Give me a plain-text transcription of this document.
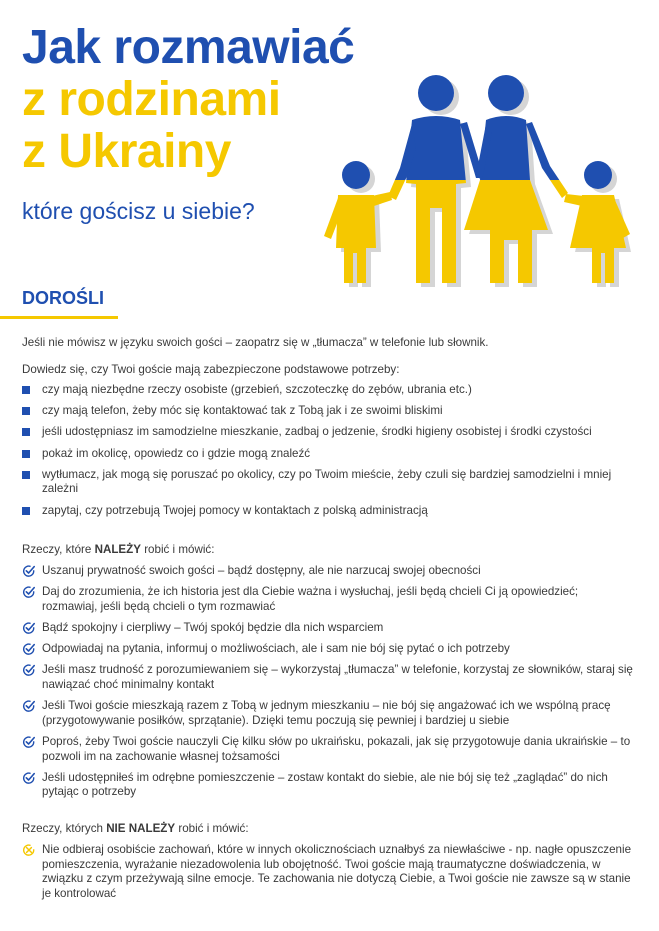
Jak rozmawiać
z rodzinami
z Ukrainy
które gościsz u siebie?
DOROŚLI
Jeśli nie mówisz w języku swoich gości – zaopatrz się w „tłumacza” w telefonie lub słownik.
Dowiedz się, czy Twoi goście mają zabezpieczone podstawowe potrzeby:
czy mają niezbędne rzeczy osobiste (grzebień, szczoteczkę do zębów, ubrania etc.)
czy mają telefon, żeby móc się kontaktować tak z Tobą jak i ze swoimi bliskimi
jeśli udostępniasz im samodzielne mieszkanie, zadbaj o jedzenie, środki higieny osobistej i środki czystości
pokaż im okolicę, opowiedz co i gdzie mogą znaleźć
wytłumacz, jak mogą się poruszać po okolicy, czy po Twoim mieście, żeby czuli się bardziej samodzielni i mniej zależni
zapytaj, czy potrzebują Twojej pomocy w kontaktach z polską administracją
Rzeczy, które NALEŻY robić i mówić:
Uszanuj prywatność swoich gości – bądź dostępny, ale nie narzucaj swojej obecności
Daj do zrozumienia, że ich historia jest dla Ciebie ważna i wysłuchaj, jeśli będą chcieli Ci ją opowiedzieć; rozmawiaj, jeśli będą chcieli o tym rozmawiać
Bądź spokojny i cierpliwy – Twój spokój będzie dla nich wsparciem
Odpowiadaj na pytania, informuj o możliwościach, ale i sam nie bój się pytać o ich potrzeby
Jeśli masz trudność z porozumiewaniem się – wykorzystaj „tłumacza” w telefonie, korzystaj ze słowników, staraj się nawiązać choć minimalny kontakt
Jeśli Twoi goście mieszkają razem z Tobą w jednym mieszkaniu – nie bój się angażować ich we wspólną pracę (przygotowywanie posiłków, sprzątanie). Dzięki temu poczują się pewniej i bardziej u siebie
Poproś, żeby Twoi goście nauczyli Cię kilku słów po ukraińsku, pokazali, jak się przygotowuje dania ukraińskie – to pozwoli im na zachowanie własnej tożsamości
Jeśli udostępniłeś im odrębne pomieszczenie – zostaw kontakt do siebie, ale nie bój się też „zaglądać” do nich pytając o potrzeby
Rzeczy, których NIE NALEŻY robić i mówić:
Nie odbieraj osobiście zachowań, które w innych okolicznościach uznałbyś za niewłaściwe - np. nagłe opuszczenie pomieszczenia, wyrażanie niezadowolenia lub obojętność. Twoi goście mają traumatyczne doświadczenia, w związku z czym przeżywają silne emocje. Te zachowania nie dotyczą Ciebie, a Twoi goście nie zawsze są w stanie je kontrolować
